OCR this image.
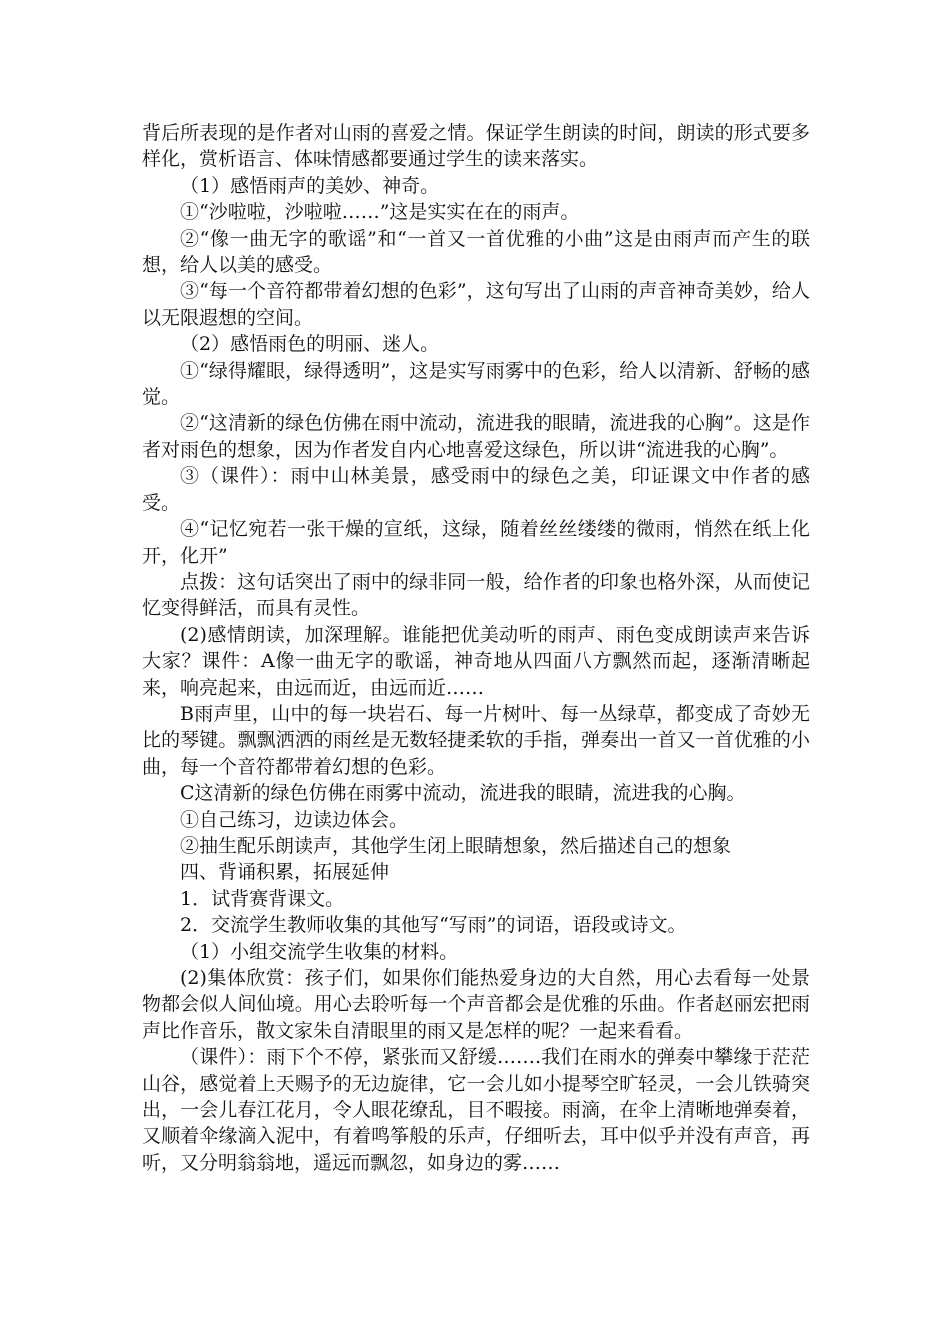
背后所表现的是作者对山雨的喜爱之情。保证学生朗读的时间，朗读的形式要多样化，赏析语言、体味情感都要通过学生的读来落实。

（1）感悟雨声的美妙、神奇。

①“沙啦啦，沙啦啦……”这是实实在在的雨声。

②“像一曲无字的歌谣”和“一首又一首优雅的小曲”这是由雨声而产生的联想，给人以美的感受。

③“每一个音符都带着幻想的色彩”，这句写出了山雨的声音神奇美妙，给人以无限遐想的空间。

（2）感悟雨色的明丽、迷人。

①“绿得耀眼，绿得透明”，这是实写雨雾中的色彩，给人以清新、舒畅的感觉。

②“这清新的绿色仿佛在雨中流动，流进我的眼睛，流进我的心胸”。这是作者对雨色的想象，因为作者发自内心地喜爱这绿色，所以讲“流进我的心胸”。

③（课件）：雨中山林美景，感受雨中的绿色之美，印证课文中作者的感受。

④“记忆宛若一张干燥的宣纸，这绿，随着丝丝缕缕的微雨，悄然在纸上化开，化开”

点拨：这句话突出了雨中的绿非同一般，给作者的印象也格外深，从而使记忆变得鲜活，而具有灵性。

(2)感情朗读，加深理解。谁能把优美动听的雨声、雨色变成朗读声来告诉大家？课件：A像一曲无字的歌谣，神奇地从四面八方飘然而起，逐渐清晰起来，响亮起来，由远而近，由远而近……

B雨声里，山中的每一块岩石、每一片树叶、每一丛绿草，都变成了奇妙无比的琴键。飘飘洒洒的雨丝是无数轻捷柔软的手指，弹奏出一首又一首优雅的小曲，每一个音符都带着幻想的色彩。

C这清新的绿色仿佛在雨雾中流动，流进我的眼睛，流进我的心胸。

①自己练习，边读边体会。

②抽生配乐朗读声，其他学生闭上眼睛想象，然后描述自己的想象

四、背诵积累，拓展延伸

1．试背赛背课文。

2．交流学生教师收集的其他写“写雨”的词语，语段或诗文。

（1）小组交流学生收集的材料。

(2)集体欣赏：孩子们，如果你们能热爱身边的大自然，用心去看每一处景物都会似人间仙境。用心去聆听每一个声音都会是优雅的乐曲。作者赵丽宏把雨声比作音乐，散文家朱自清眼里的雨又是怎样的呢？一起来看看。

（课件）：雨下个不停，紧张而又舒缓…….我们在雨水的弹奏中攀缘于茫茫山谷，感觉着上天赐予的无边旋律，它一会儿如小提琴空旷轻灵，一会儿铁骑突出，一会儿春江花月，令人眼花缭乱，目不暇接。雨滴，在伞上清晰地弹奏着，又顺着伞缘滴入泥中，有着鸣筝般的乐声，仔细听去，耳中似乎并没有声音，再听，又分明翁翁地，遥远而飘忽，如身边的雾……
